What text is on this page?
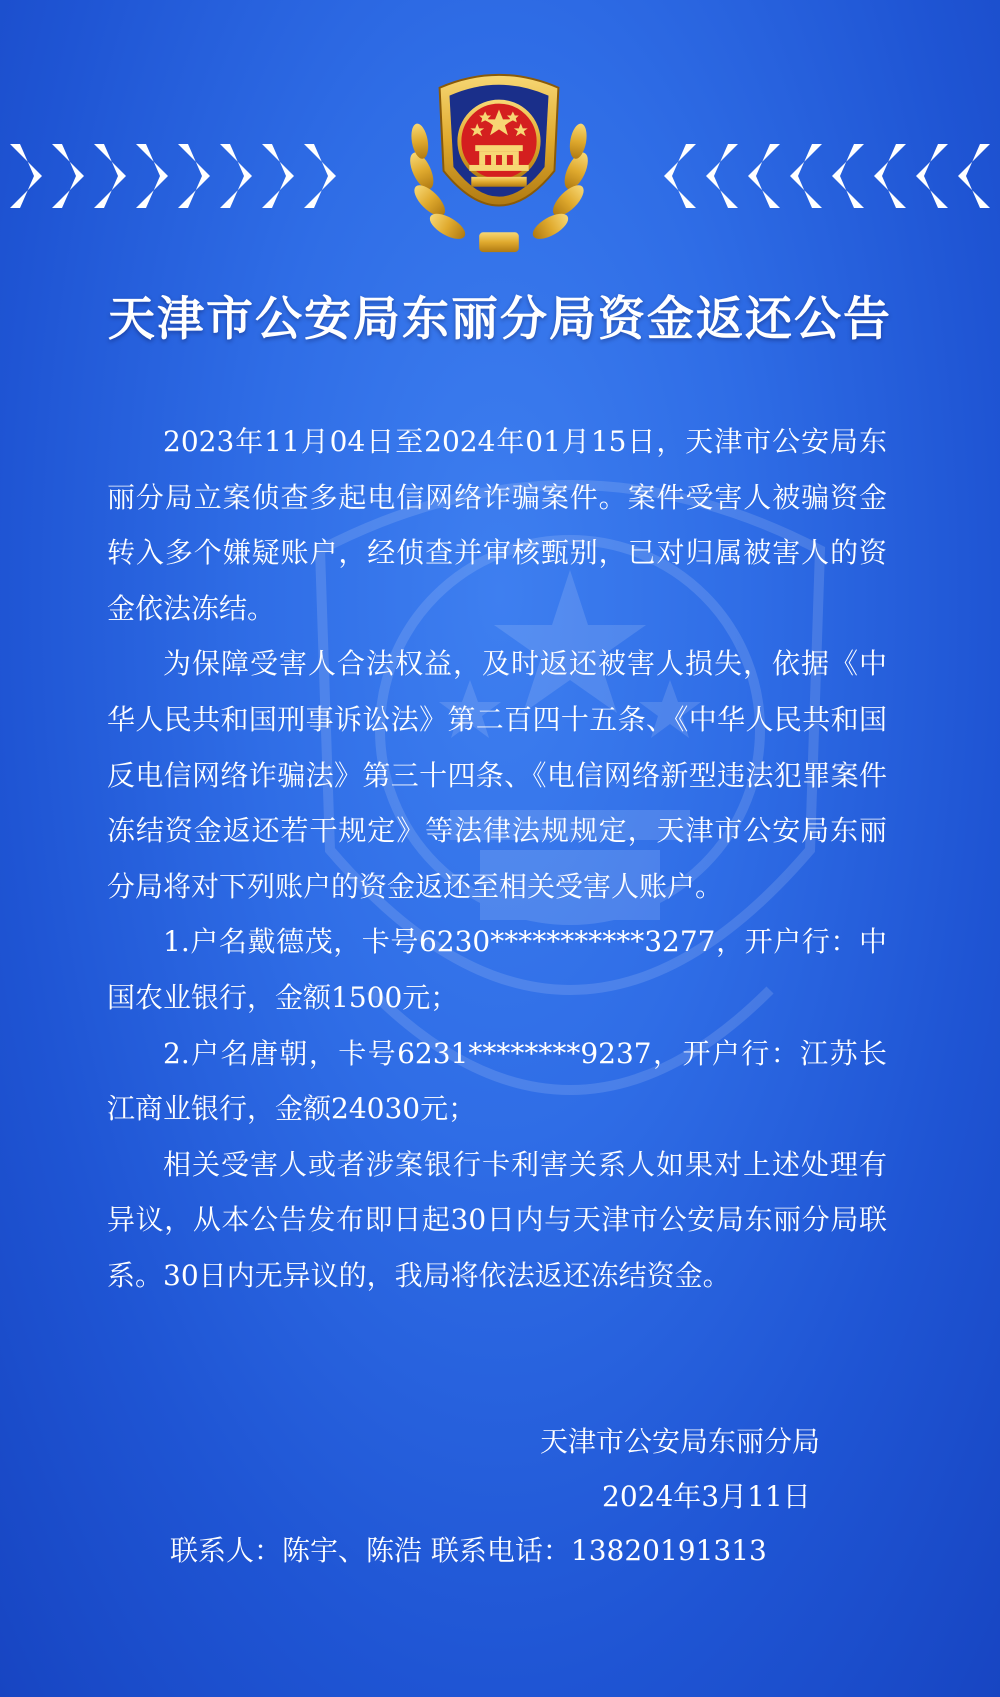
天津市公安局东丽分局资金返还公告

2023年11月04日至2024年01月15日，天津市公安局东丽分局立案侦查多起电信网络诈骗案件。案件受害人被骗资金转入多个嫌疑账户，经侦查并审核甄别，已对归属被害人的资金依法冻结。

为保障受害人合法权益，及时返还被害人损失，依据《中华人民共和国刑事诉讼法》第二百四十五条、《中华人民共和国反电信网络诈骗法》第三十四条、《电信网络新型违法犯罪案件冻结资金返还若干规定》等法律法规规定，天津市公安局东丽分局将对下列账户的资金返还至相关受害人账户。

1.户名戴德茂，卡号6230***********3277，开户行：中国农业银行，金额1500元；

2.户名唐朝，卡号6231********9237，开户行：江苏长江商业银行，金额24030元；

相关受害人或者涉案银行卡利害关系人如果对上述处理有异议，从本公告发布即日起30日内与天津市公安局东丽分局联系。30日内无异议的，我局将依法返还冻结资金。

天津市公安局东丽分局
2024年3月11日
联系人：陈宇、陈浩 联系电话：13820191313
